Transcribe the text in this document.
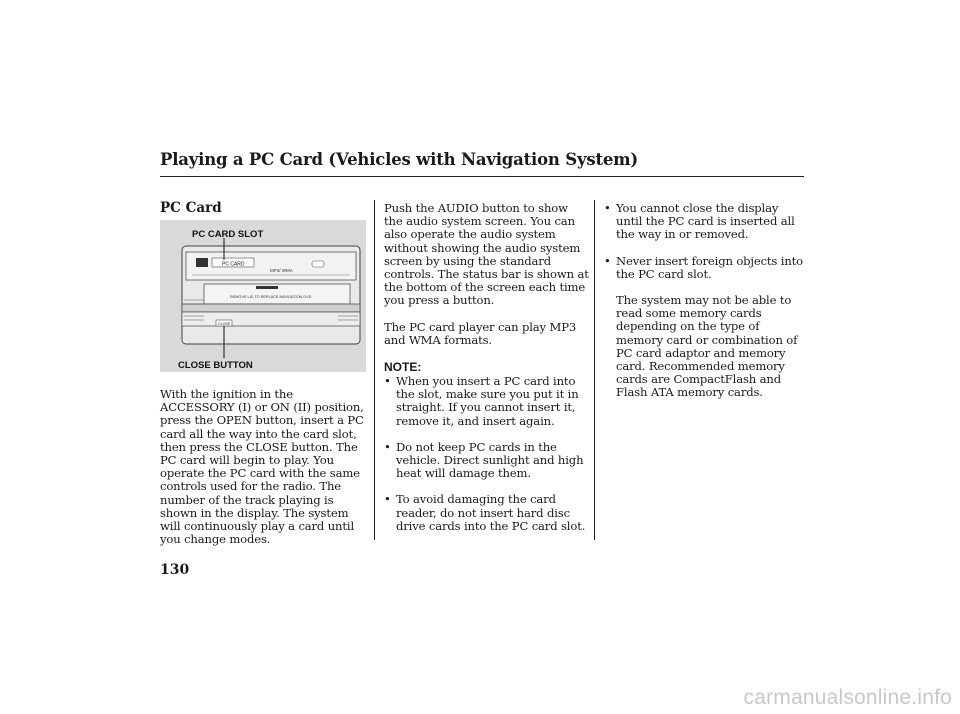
Playing a PC Card (Vehicles with Navigation System)
PC Card
PC CARD
MP3/ WMA
REMOVE LID TO REPLACE NAVIGATION DVD
CLOSE
PC CARD SLOT
CLOSE BUTTON

With the ignition in the ACCESSORY (I) or ON (II) position, press the OPEN button, insert a PC card all the way into the card slot, then press the CLOSE button. The PC card will begin to play. You operate the PC card with the same controls used for the radio. The number of the track playing is shown in the display. The system will continuously play a card until you change modes.

Push the AUDIO button to show the audio system screen. You can also operate the audio system without showing the audio system screen by using the standard controls. The status bar is shown at the bottom of the screen each time you press a button.

The PC card player can play MP3 and WMA formats.

NOTE:
• When you insert a PC card into the slot, make sure you put it in straight. If you cannot insert it, remove it, and insert again.

• Do not keep PC cards in the vehicle. Direct sunlight and high heat will damage them.

• To avoid damaging the card reader, do not insert hard disc drive cards into the PC card slot.

• You cannot close the display until the PC card is inserted all the way in or removed.

• Never insert foreign objects into the PC card slot.

The system may not be able to read some memory cards depending on the type of memory card or combination of PC card adaptor and memory card. Recommended memory cards are CompactFlash and Flash ATA memory cards.

130
carmanualsonline.info
